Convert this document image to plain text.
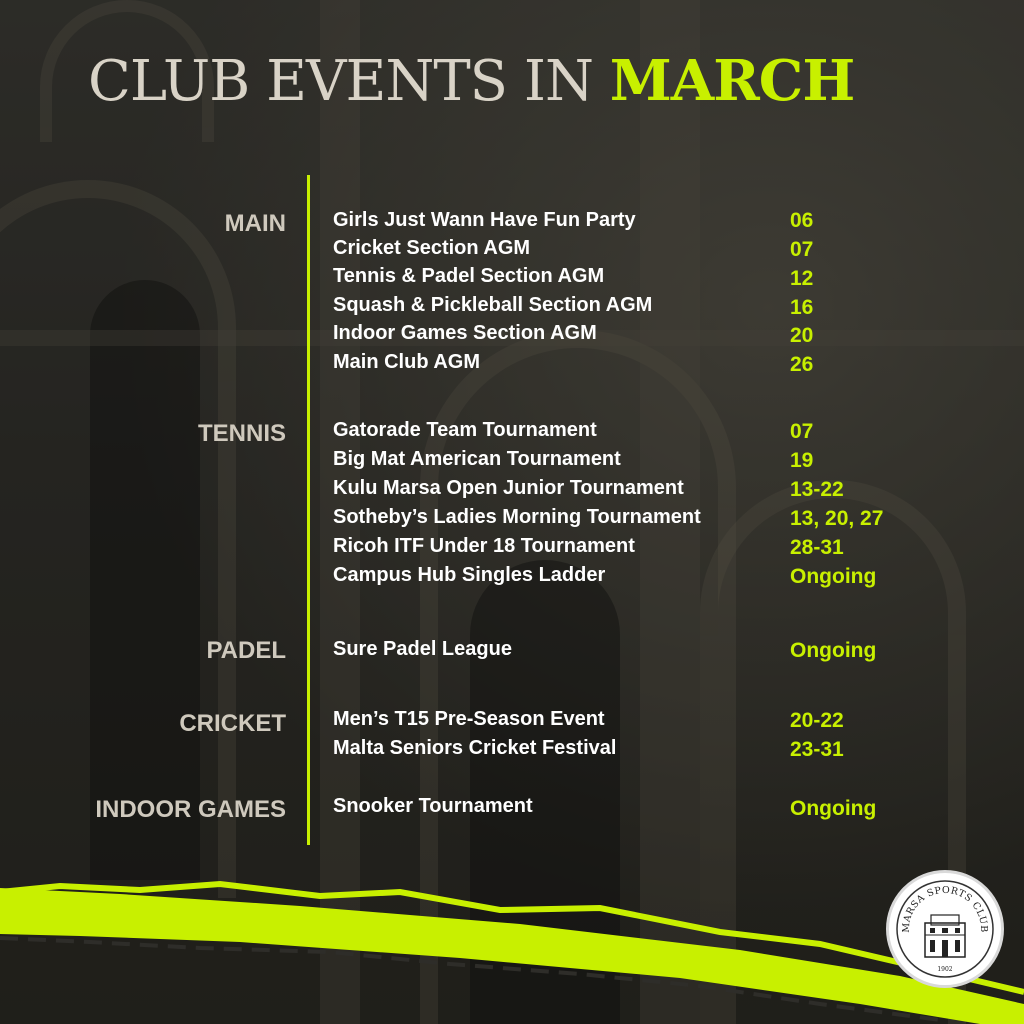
CLUB EVENTS IN MARCH
MAIN Girls Just Wann Have Fun Party	06
Cricket Section AGM	07
Tennis & Padel Section AGM	12
Squash & Pickleball Section AGM	16
Indoor Games Section AGM	20
Main Club AGM	26
TENNIS Gatorade Team Tournament	07
Big Mat American Tournament	19
Kulu Marsa Open Junior Tournament	13-22
Sotheby’s Ladies Morning Tournament	13, 20, 27
Ricoh ITF Under 18 Tournament	28-31
Campus Hub Singles Ladder	Ongoing
PADEL Sure Padel League	Ongoing
CRICKET Men’s T15 Pre-Season Event	20-22
Malta Seniors Cricket Festival	23-31
INDOOR GAMES Snooker Tournament	Ongoing
MARSA SPORTS CLUB
1902
